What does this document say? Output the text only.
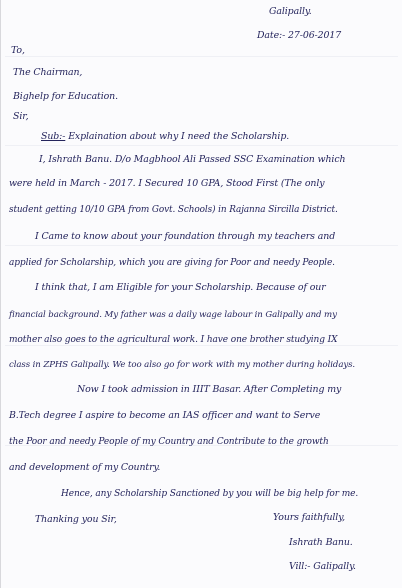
Galipally.
Date:- 27-06-2017
To,
The Chairman,
Bighelp for Education.
Sir,
Sub:- Explaination about why I need the Scholarship.
I, Ishrath Banu. D/o Magbhool Ali Passed SSC Examination which
were held in March - 2017. I Secured 10 GPA, Stood First (The only
student getting 10/10 GPA from Govt. Schools) in Rajanna Sircilla District.
I Came to know about your foundation through my teachers and
applied for Scholarship, which you are giving for Poor and needy People.
I think that, I am Eligible for your Scholarship. Because of our
financial background. My father was a daily wage labour in Galipally and my
mother also goes to the agricultural work. I have one brother studying IX
class in ZPHS Galipally. We too also go for work with my mother during holidays.
Now I took admission in IIIT Basar. After Completing my
B.Tech degree I aspire to become an IAS officer and want to Serve
the Poor and needy People of my Country and Contribute to the growth
and development of my Country.
Hence, any Scholarship Sanctioned by you will be big help for me.
Thanking you Sir,	Yours faithfully,
Ishrath Banu.
Vill:- Galipally.
